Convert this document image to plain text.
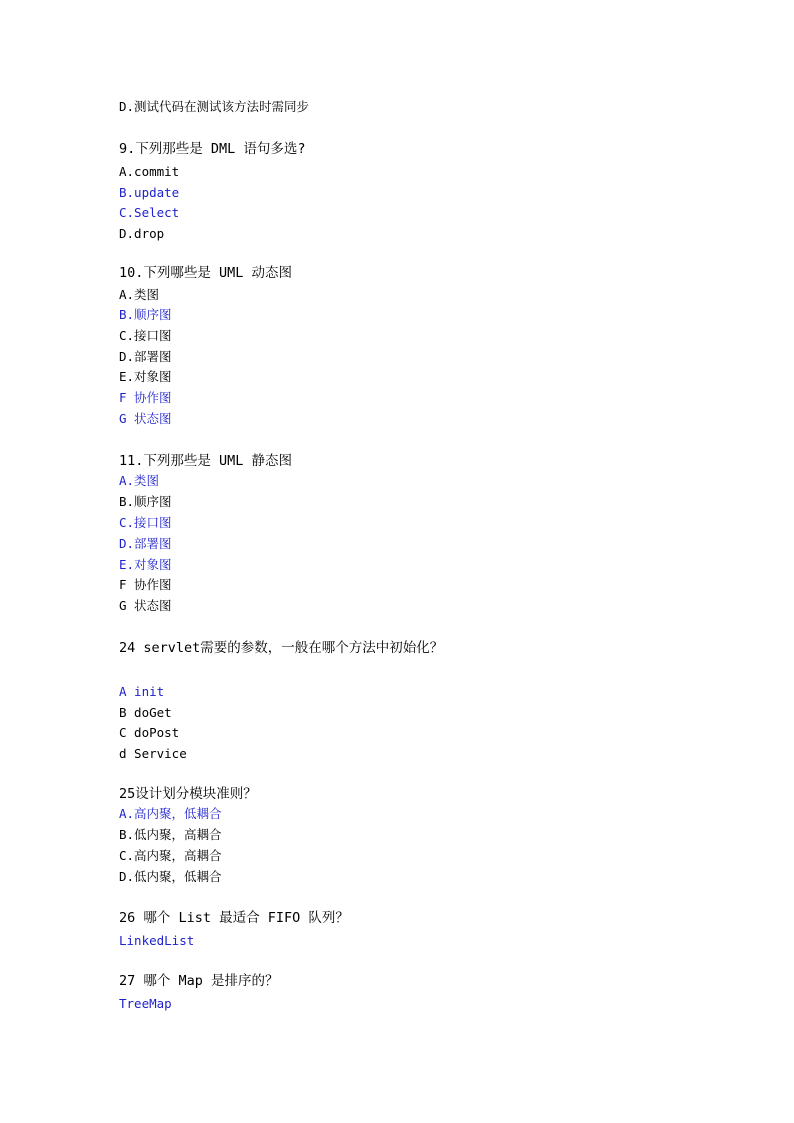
D.测试代码在测试该方法时需同步
9.下列那些是 DML 语句多选?
A.commit
B.update
C.Select
D.drop
10.下列哪些是 UML 动态图
A.类图
B.顺序图
C.接口图
D.部署图
E.对象图
F 协作图
G 状态图
11.下列那些是 UML 静态图
A.类图
B.顺序图
C.接口图
D.部署图
E.对象图
F 协作图
G 状态图
24 servlet需要的参数，一般在哪个方法中初始化？
A init
B doGet
C doPost
d Service
25设计划分模块准则？
A.高内聚，低耦合
B.低内聚，高耦合
C.高内聚，高耦合
D.低内聚，低耦合
26 哪个 List 最适合 FIFO 队列？
LinkedList
27 哪个 Map 是排序的？
TreeMap
